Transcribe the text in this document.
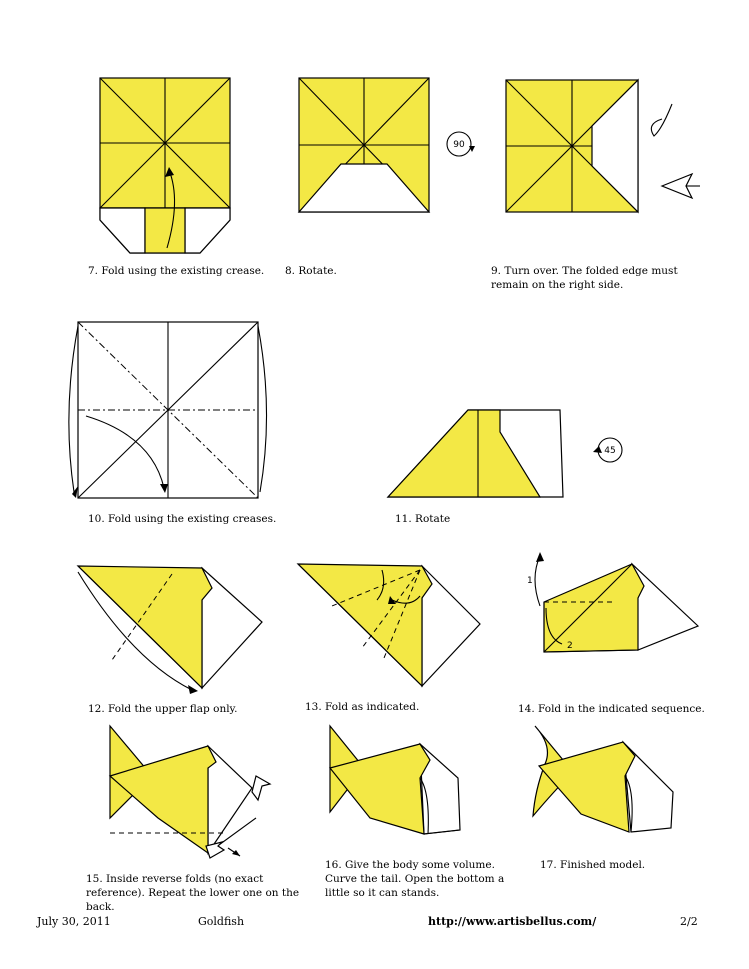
7. Fold using the existing crease.
90
8. Rotate.	9. Turn over. The folded edge must
remain on the right side.
10. Fold using the existing creases.
45
11. Rotate
12. Fold the upper flap only.	13. Fold as indicated.
1
2
14. Fold in the indicated sequence.
15. Inside reverse folds (no exact
reference). Repeat the lower one on the
back.
16. Give the body some volume.
Curve the tail. Open the bottom a
little so it can stands.
17. Finished model.
July 30, 2011	Goldfish	http://www.artisbellus.com/	2/2
